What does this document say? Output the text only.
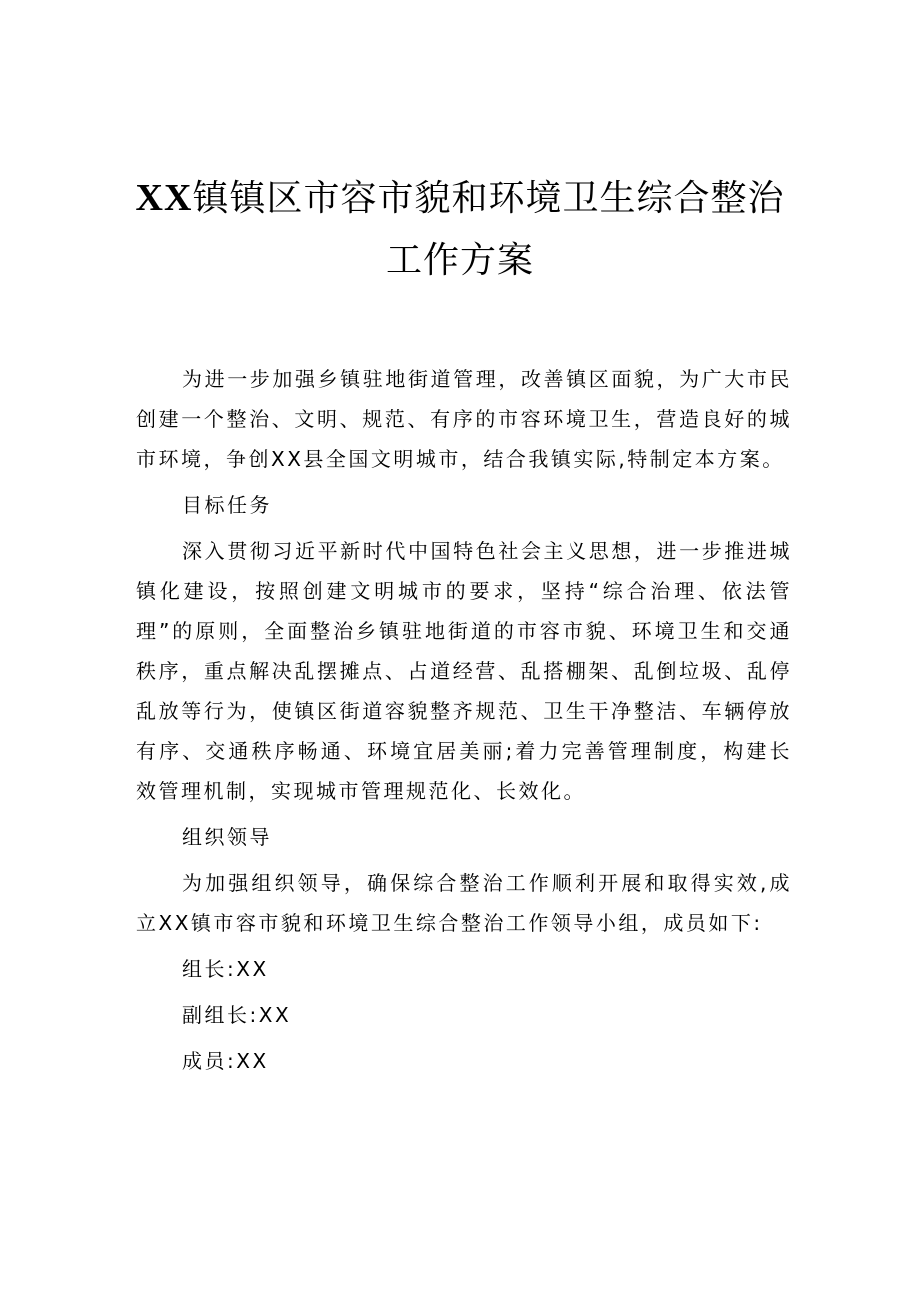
XX镇镇区市容市貌和环境卫生综合整治
工作方案

为进一步加强乡镇驻地街道管理，改善镇区面貌，为广大市民创建一个整治、文明、规范、有序的市容环境卫生，营造良好的城市环境，争创XX县全国文明城市，结合我镇实际,特制定本方案。

目标任务

深入贯彻习近平新时代中国特色社会主义思想，进一步推进城镇化建设，按照创建文明城市的要求，坚持“综合治理、依法管理”的原则，全面整治乡镇驻地街道的市容市貌、环境卫生和交通秩序，重点解决乱摆摊点、占道经营、乱搭棚架、乱倒垃圾、乱停乱放等行为，使镇区街道容貌整齐规范、卫生干净整洁、车辆停放有序、交通秩序畅通、环境宜居美丽;着力完善管理制度，构建长效管理机制，实现城市管理规范化、长效化。

组织领导

为加强组织领导，确保综合整治工作顺利开展和取得实效,成立XX镇市容市貌和环境卫生综合整治工作领导小组，成员如下:

组长:XX

副组长:XX

成员:XX
